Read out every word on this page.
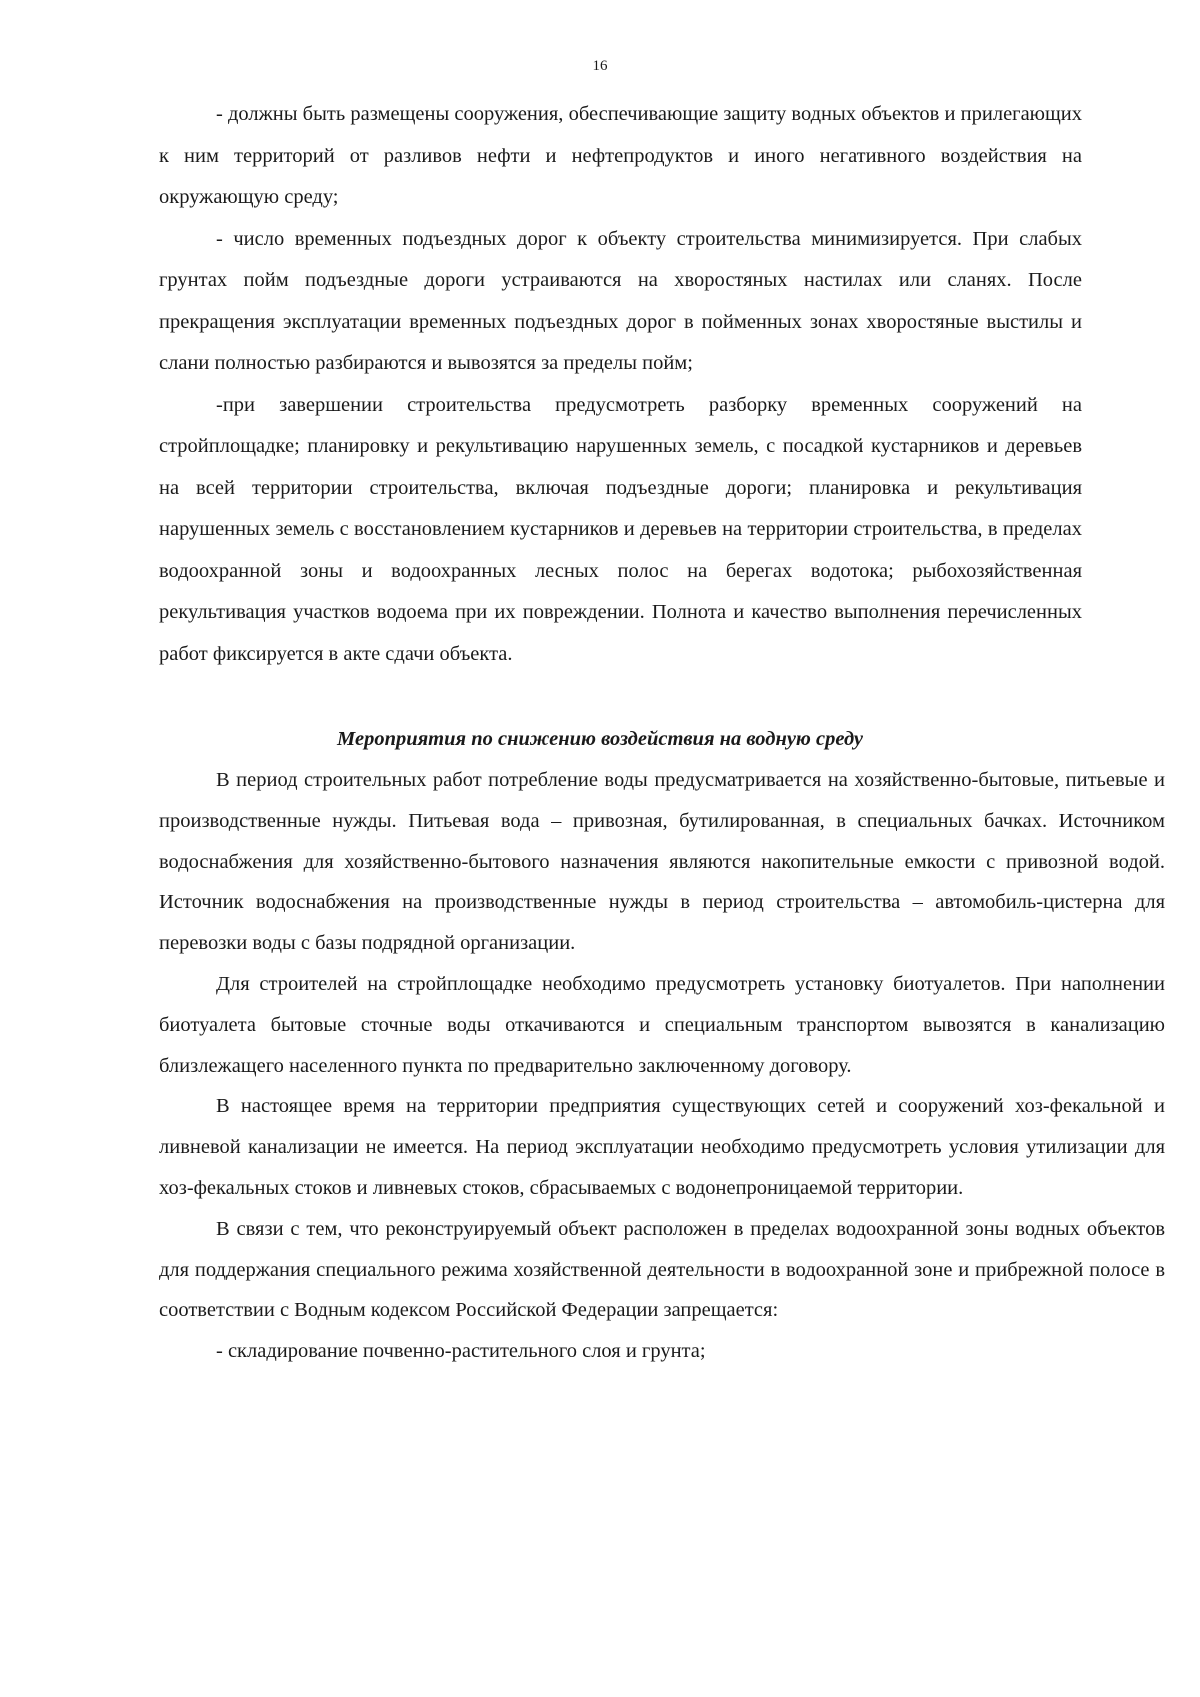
16

- должны быть размещены сооружения, обеспечивающие защиту водных объектов и прилегающих к ним территорий от разливов нефти и нефтепродуктов и иного негативного воздействия на окружающую среду;

- число временных подъездных дорог к объекту строительства минимизируется. При слабых грунтах пойм подъездные дороги устраиваются на хворостяных настилах или сланях. После прекращения эксплуатации временных подъездных дорог в пойменных зонах хворостяные выстилы и слани полностью разбираются и вывозятся за пределы пойм;

-при завершении строительства предусмотреть разборку временных сооружений на стройплощадке; планировку и рекультивацию нарушенных земель, с посадкой кустарников и деревьев на всей территории строительства, включая подъездные дороги; планировка и рекультивация нарушенных земель с восстановлением кустарников и деревьев на территории строительства, в пределах водоохранной зоны и водоохранных лесных полос на берегах водотока; рыбохозяйственная рекультивация участков водоема при их повреждении. Полнота и качество выполнения перечисленных работ фиксируется в акте сдачи объекта.

Мероприятия по снижению воздействия на водную среду

В период строительных работ потребление воды предусматривается на хозяйственно-бытовые, питьевые и производственные нужды. Питьевая вода – привозная, бутилированная, в специальных бачках. Источником водоснабжения для хозяйственно-бытового назначения являются накопительные емкости с привозной водой. Источник водоснабжения на производственные нужды в период строительства – автомобиль-цистерна для перевозки воды с базы подрядной организации.

Для строителей на стройплощадке необходимо предусмотреть установку биотуалетов. При наполнении биотуалета бытовые сточные воды откачиваются и специальным транспортом вывозятся в канализацию близлежащего населенного пункта по предварительно заключенному договору.

В настоящее время на территории предприятия существующих сетей и сооружений хоз-фекальной и ливневой канализации не имеется. На период эксплуатации необходимо предусмотреть условия утилизации для хоз-фекальных стоков и ливневых стоков, сбрасываемых с водонепроницаемой территории.

В связи с тем, что реконструируемый объект расположен в пределах водоохранной зоны водных объектов для поддержания специального режима хозяйственной деятельности в водоохранной зоне и прибрежной полосе в соответствии с Водным кодексом Российской Федерации запрещается:

- складирование почвенно-растительного слоя и грунта;
